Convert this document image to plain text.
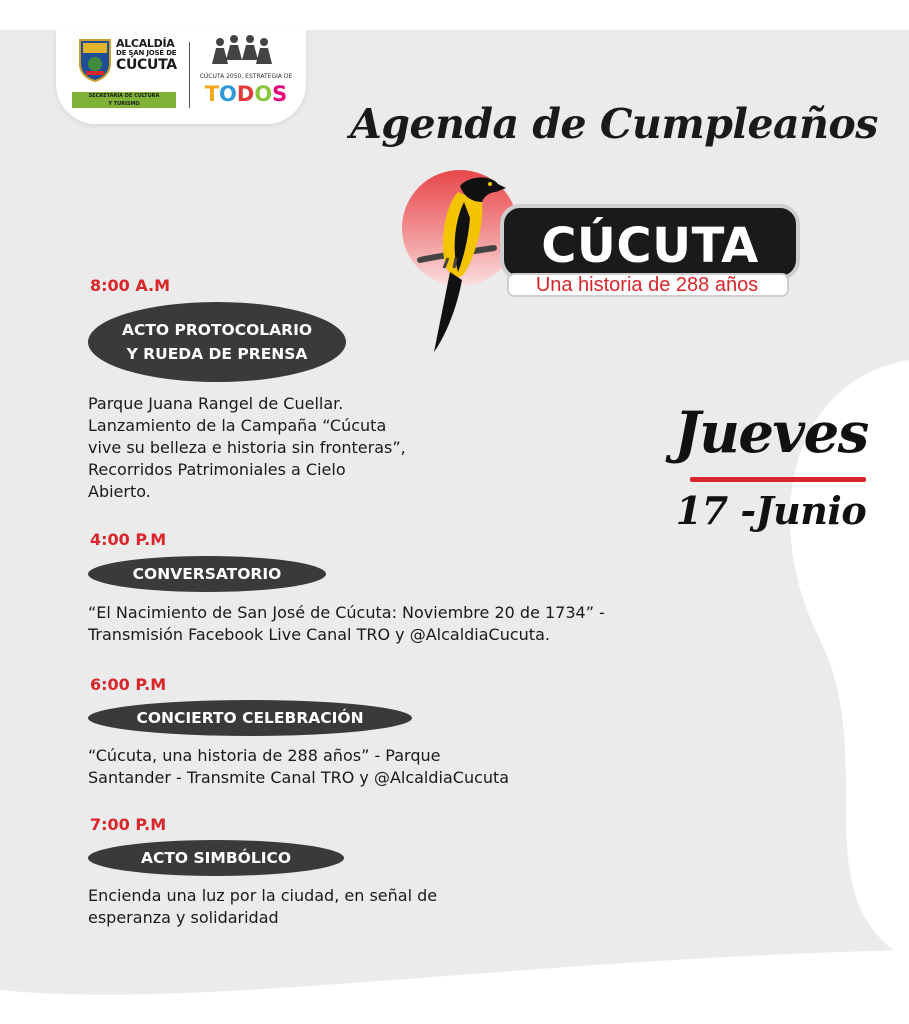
ALCALDÍA
DE SAN JOSÉ DE
CÚCUTA
SECRETARÍA DE CULTURA
Y TURISMO
CÚCUTA 2050, ESTRATEGIA DE
TODOS
Agenda de Cumpleaños
CÚCUTA
Una historia de 288 años
Jueves
17 -Junio
8:00 A.M
ACTO PROTOCOLARIO
Y RUEDA DE PRENSA
Parque Juana Rangel de Cuellar.
Lanzamiento de la Campaña “Cúcuta
vive su belleza e historia sin fronteras”,
Recorridos Patrimoniales a Cielo
Abierto.
4:00 P.M
CONVERSATORIO
“El Nacimiento de San José de Cúcuta: Noviembre 20 de 1734” -
Transmisión Facebook Live Canal TRO y @AlcaldiaCucuta.
6:00 P.M
CONCIERTO CELEBRACIÓN
“Cúcuta, una historia de 288 años” - Parque
Santander - Transmite Canal TRO y @AlcaldiaCucuta
7:00 P.M
ACTO SIMBÓLICO
Encienda una luz por la ciudad, en señal de
esperanza y solidaridad
